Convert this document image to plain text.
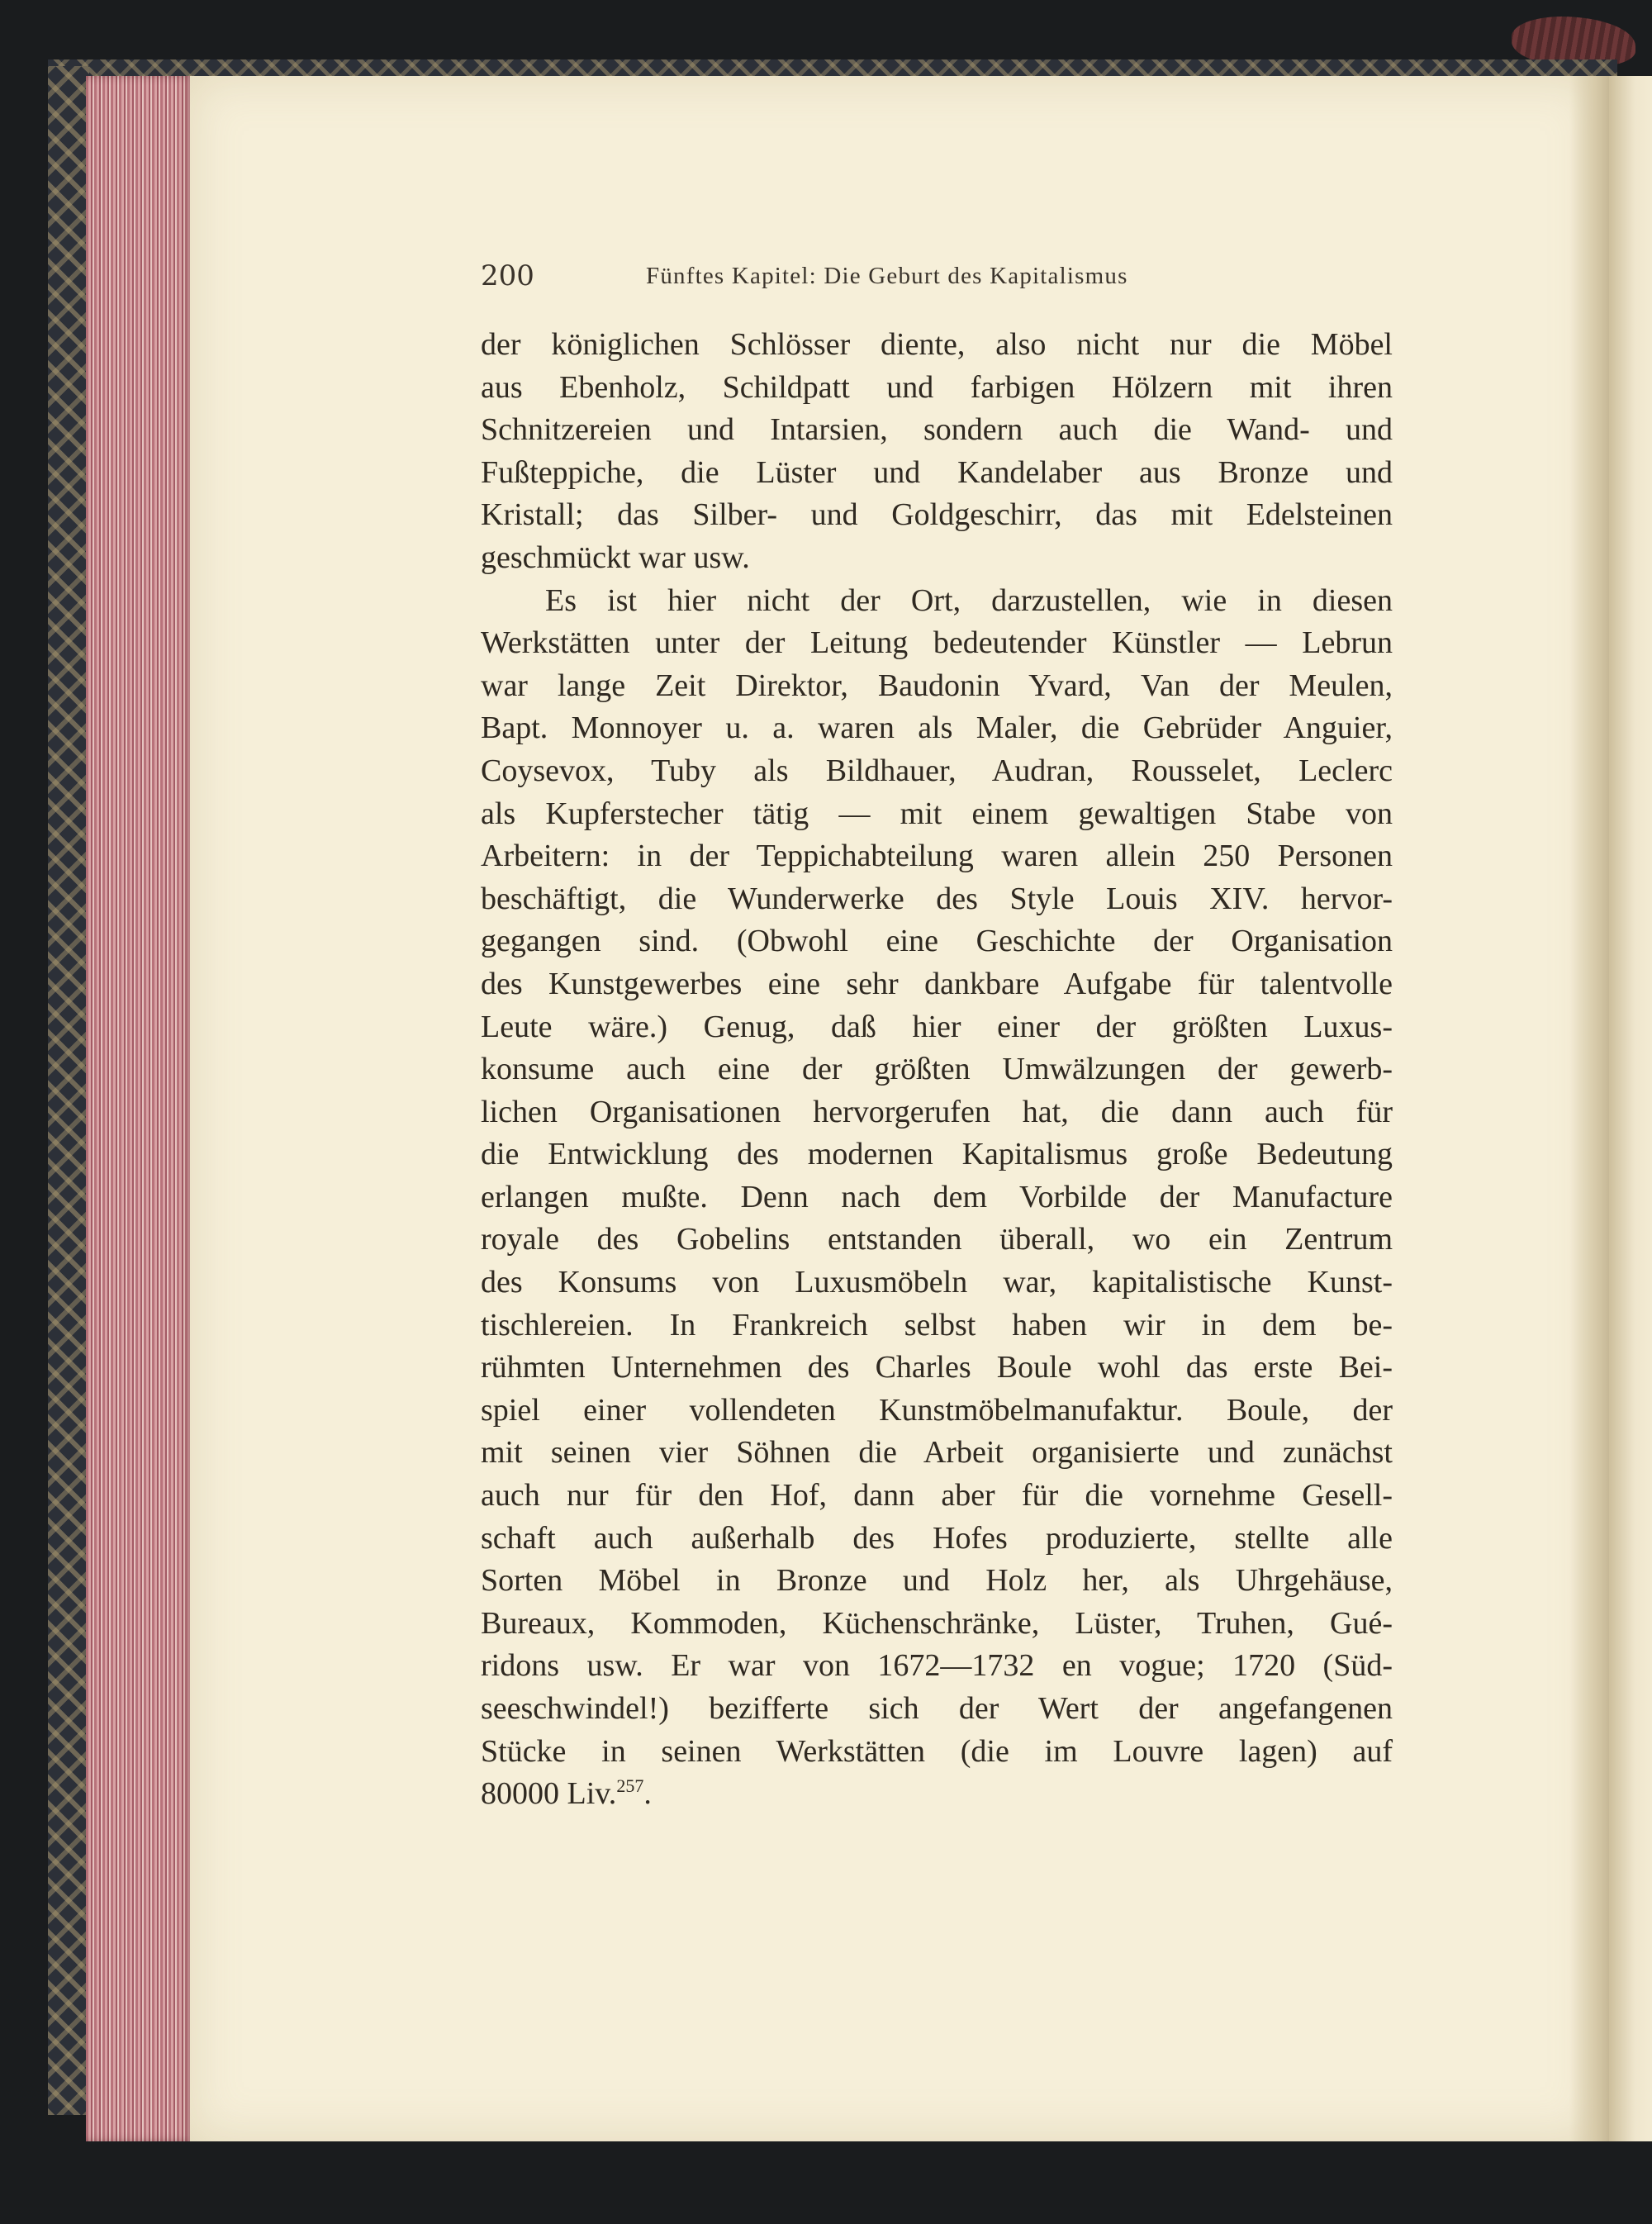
200	Fünftes Kapitel: Die Geburt des Kapitalismus
der königlichen Schlösser diente, also nicht nur die Möbel
aus Ebenholz, Schildpatt und farbigen Hölzern mit ihren
Schnitzereien und Intarsien, sondern auch die Wand- und
Fußteppiche, die Lüster und Kandelaber aus Bronze und
Kristall; das Silber- und Goldgeschirr, das mit Edelsteinen
geschmückt war usw.
Es ist hier nicht der Ort, darzustellen, wie in diesen
Werkstätten unter der Leitung bedeutender Künstler — Lebrun
war lange Zeit Direktor, Baudonin Yvard, Van der Meulen,
Bapt. Monnoyer u. a. waren als Maler, die Gebrüder Anguier,
Coysevox, Tuby als Bildhauer, Audran, Rousselet, Leclerc
als Kupferstecher tätig — mit einem gewaltigen Stabe von
Arbeitern: in der Teppichabteilung waren allein 250 Personen
beschäftigt, die Wunderwerke des Style Louis XIV. hervor-
gegangen sind. (Obwohl eine Geschichte der Organisation
des Kunstgewerbes eine sehr dankbare Aufgabe für talentvolle
Leute wäre.) Genug, daß hier einer der größten Luxus-
konsume auch eine der größten Umwälzungen der gewerb-
lichen Organisationen hervorgerufen hat, die dann auch für
die Entwicklung des modernen Kapitalismus große Bedeutung
erlangen mußte. Denn nach dem Vorbilde der Manufacture
royale des Gobelins entstanden überall, wo ein Zentrum
des Konsums von Luxusmöbeln war, kapitalistische Kunst-
tischlereien. In Frankreich selbst haben wir in dem be-
rühmten Unternehmen des Charles Boule wohl das erste Bei-
spiel einer vollendeten Kunstmöbelmanufaktur. Boule, der
mit seinen vier Söhnen die Arbeit organisierte und zunächst
auch nur für den Hof, dann aber für die vornehme Gesell-
schaft auch außerhalb des Hofes produzierte, stellte alle
Sorten Möbel in Bronze und Holz her, als Uhrgehäuse,
Bureaux, Kommoden, Küchenschränke, Lüster, Truhen, Gué-
ridons usw. Er war von 1672—1732 en vogue; 1720 (Süd-
seeschwindel!) bezifferte sich der Wert der angefangenen
Stücke in seinen Werkstätten (die im Louvre lagen) auf
80000 Liv.$^{257}$.
